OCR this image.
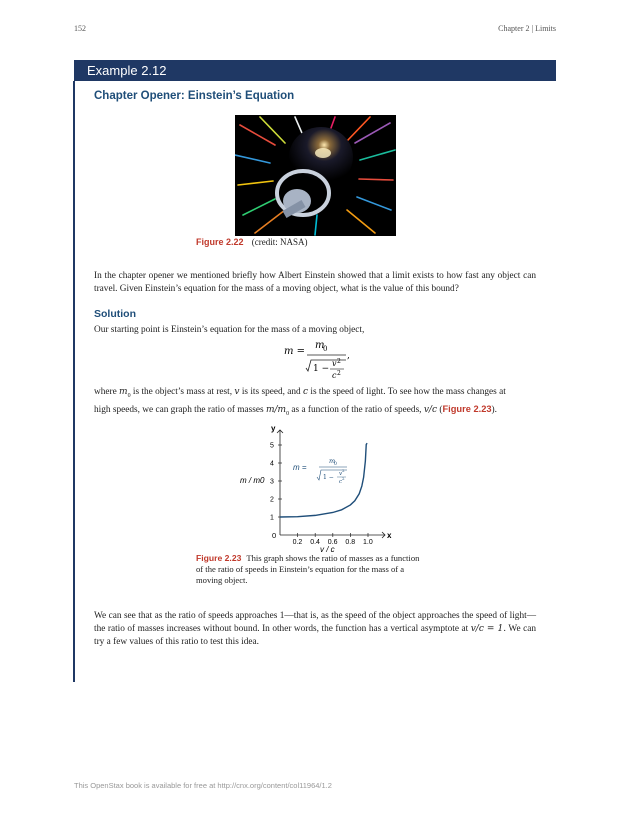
152	Chapter 2 | Limits
Example 2.12
Chapter Opener: Einstein’s Equation
Figure 2.22 (credit: NASA)
In the chapter opener we mentioned briefly how Albert Einstein showed that a limit exists to how fast any object can travel. Given Einstein’s equation for the mass of a moving object, what is the value of this bound?
Solution
Our starting point is Einstein’s equation for the mass of a moving object,
m =
m
0
1 −
v 2
c 2
,
where $m_0$ is the object’s mass at rest, v is its speed, and c is the speed of light. To see how the mass changes at
high speeds, we can graph the ratio of masses $m/m_0$ as a function of the ratio of speeds, v/c (Figure 2.23).
x
y
0
m / m0
v / c
0.2 0.4 0.6 0.8 1.0
1
2
3
4
5
m =
m
0
1 − v
2
c
2
Figure 2.23 This graph shows the ratio of masses as a function of the ratio of speeds in Einstein’s equation for the mass of a moving object.
We can see that as the ratio of speeds approaches 1—that is, as the speed of the object approaches the speed of light—the ratio of masses increases without bound. In other words, the function has a vertical asymptote at v/c = 1. We can try a few values of this ratio to test this idea.
This OpenStax book is available for free at http://cnx.org/content/col11964/1.2
